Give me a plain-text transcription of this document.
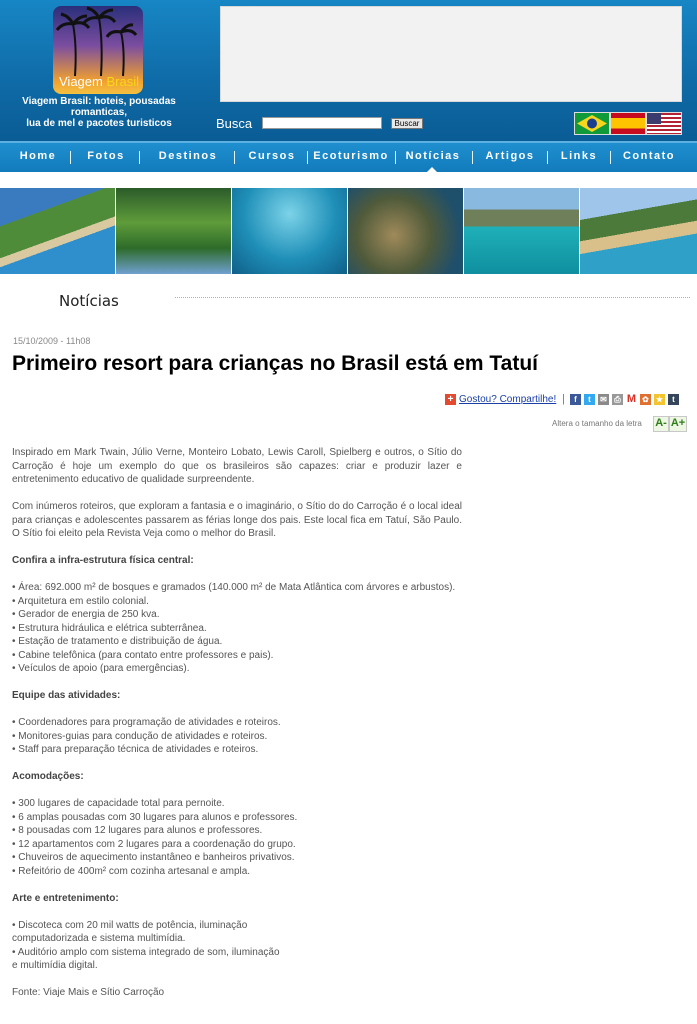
Viagem Brasil
Viagem Brasil: hoteis, pousadas romanticas,
lua de mel e pacotes turisticos	Busca	Buscar
Home	Fotos	Destinos	Cursos	Ecoturismo	Notícias	Artigos	Links	Contato
Notícias
15/10/2009 - 11h08
Primeiro resort para crianças no Brasil está em Tatuí
+ Gostou? Compartilhe! |	f	t	✉ ⎙ M ✿ ★	t
Altera o tamanho da letra A- A+

Inspirado em Mark Twain, Júlio Verne, Monteiro Lobato, Lewis Caroll, Spielberg e outros, o Sítio do Carroção é hoje um exemplo do que os brasileiros são capazes: criar e produzir lazer e entretenimento educativo de qualidade surpreendente.

Com inúmeros roteiros, que exploram a fantasia e o imaginário, o Sítio do do Carroção é o local ideal para crianças e adolescentes passarem as férias longe dos pais. Este local fica em Tatuí, São Paulo. O Sítio foi eleito pela Revista Veja como o melhor do Brasil.

Confira a infra-estrutura física central:

• Área: 692.000 m² de bosques e gramados (140.000 m² de Mata Atlântica com árvores e arbustos).

• Arquitetura em estilo colonial.

• Gerador de energia de 250 kva.

• Estrutura hidráulica e elétrica subterrânea.

• Estação de tratamento e distribuição de água.

• Cabine telefônica (para contato entre professores e pais).

• Veículos de apoio (para emergências).

Equipe das atividades:

• Coordenadores para programação de atividades e roteiros.

• Monitores-guias para condução de atividades e roteiros.

• Staff para preparação técnica de atividades e roteiros.

Acomodações:

• 300 lugares de capacidade total para pernoite.

• 6 amplas pousadas com 30 lugares para alunos e professores.

• 8 pousadas com 12 lugares para alunos e professores.

• 12 apartamentos com 2 lugares para a coordenação do grupo.

• Chuveiros de aquecimento instantâneo e banheiros privativos.

• Refeitório de 400m² com cozinha artesanal e ampla.

Arte e entretenimento:

• Discoteca com 20 mil watts de potência, iluminação

computadorizada e sistema multimídia.

• Auditório amplo com sistema integrado de som, iluminação

e multimídia digital.

Fonte: Viaje Mais e Sítio Carroção
